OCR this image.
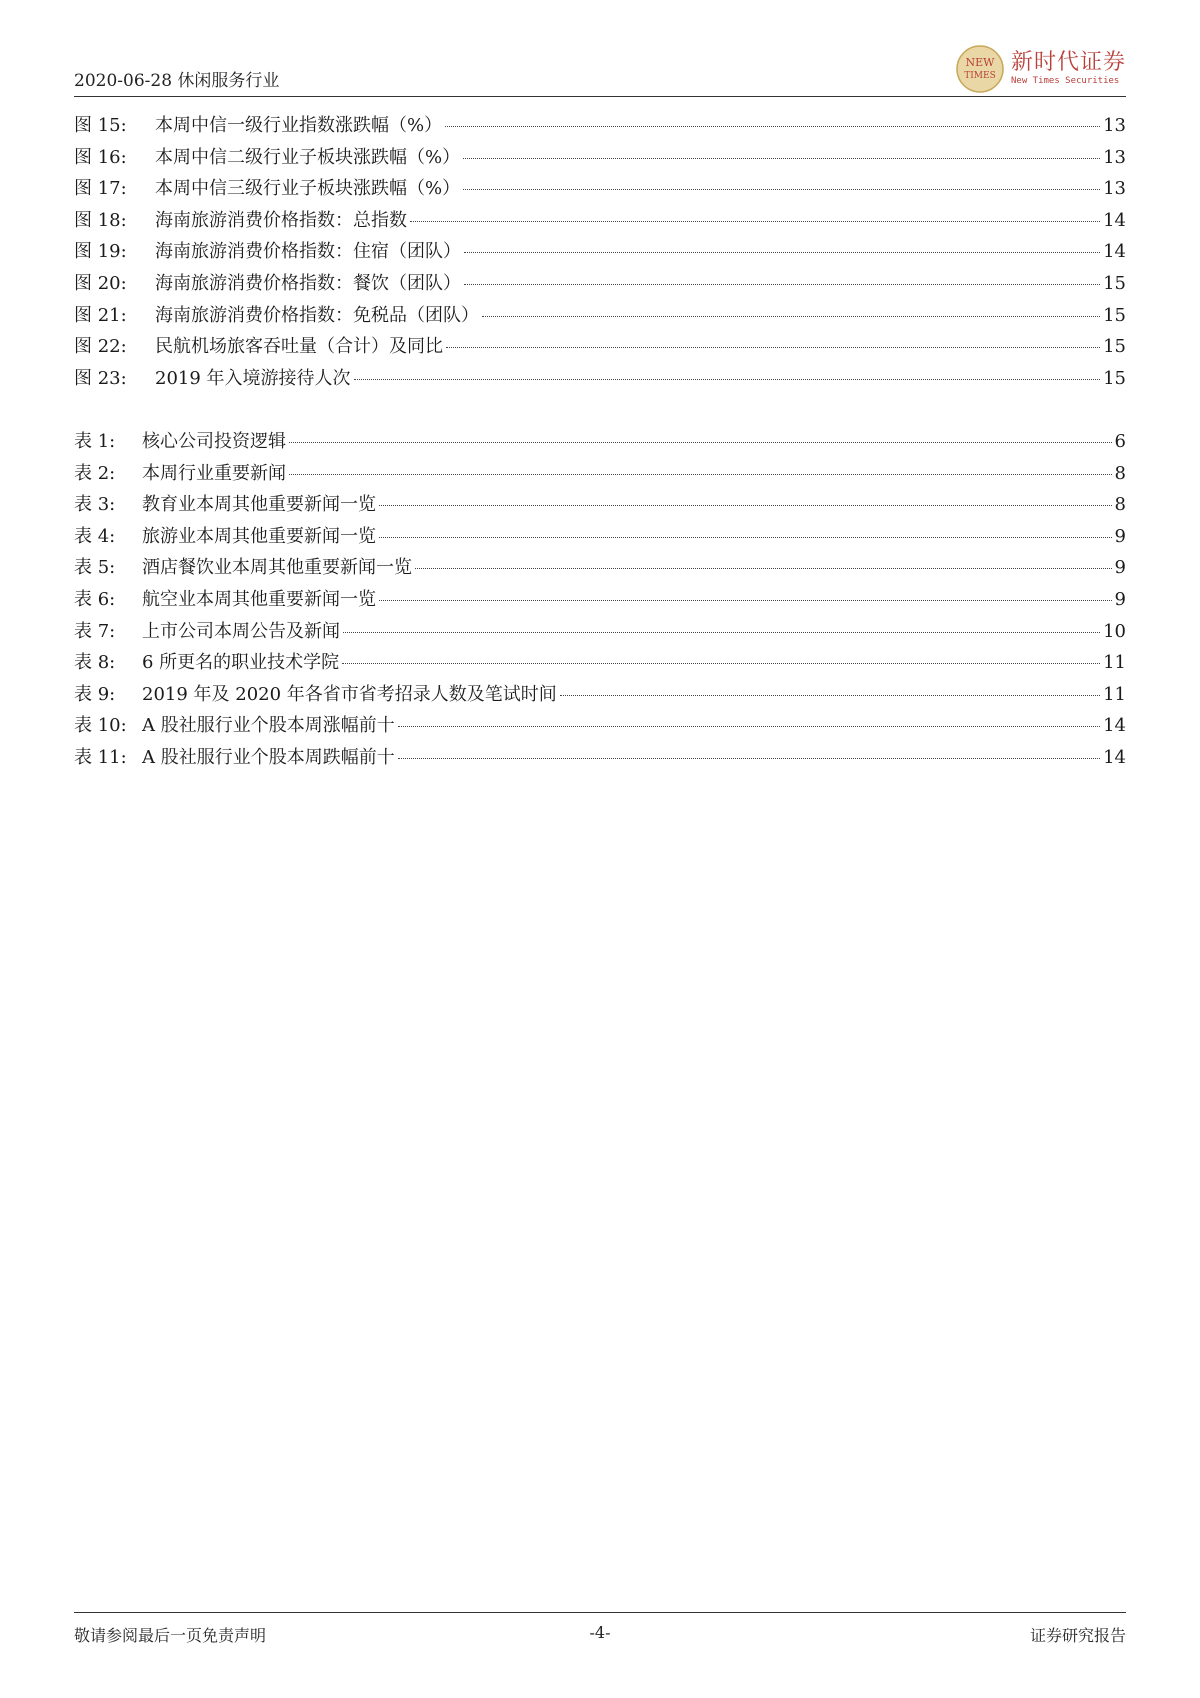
2020-06-28 休闲服务行业
NEW
TIMES
新时代证券
New Times Securities
图 15:	本周中信一级行业指数涨跌幅（%）	13
图 16:	本周中信二级行业子板块涨跌幅（%）	13
图 17:	本周中信三级行业子板块涨跌幅（%）	13
图 18:	海南旅游消费价格指数：总指数	14
图 19:	海南旅游消费价格指数：住宿（团队）	14
图 20:	海南旅游消费价格指数：餐饮（团队）	15
图 21:	海南旅游消费价格指数：免税品（团队）	15
图 22:	民航机场旅客吞吐量（合计）及同比	15
图 23:	2019 年入境游接待人次	15
表 1:	核心公司投资逻辑	6
表 2:	本周行业重要新闻	8
表 3:	教育业本周其他重要新闻一览	8
表 4:	旅游业本周其他重要新闻一览	9
表 5:	酒店餐饮业本周其他重要新闻一览	9
表 6:	航空业本周其他重要新闻一览	9
表 7:	上市公司本周公告及新闻	10
表 8:	6 所更名的职业技术学院	11
表 9:	2019 年及 2020 年各省市省考招录人数及笔试时间	11
表 10: A 股社服行业个股本周涨幅前十	14
表 11: A 股社服行业个股本周跌幅前十	14
敬请参阅最后一页免责声明	-4-	证券研究报告
